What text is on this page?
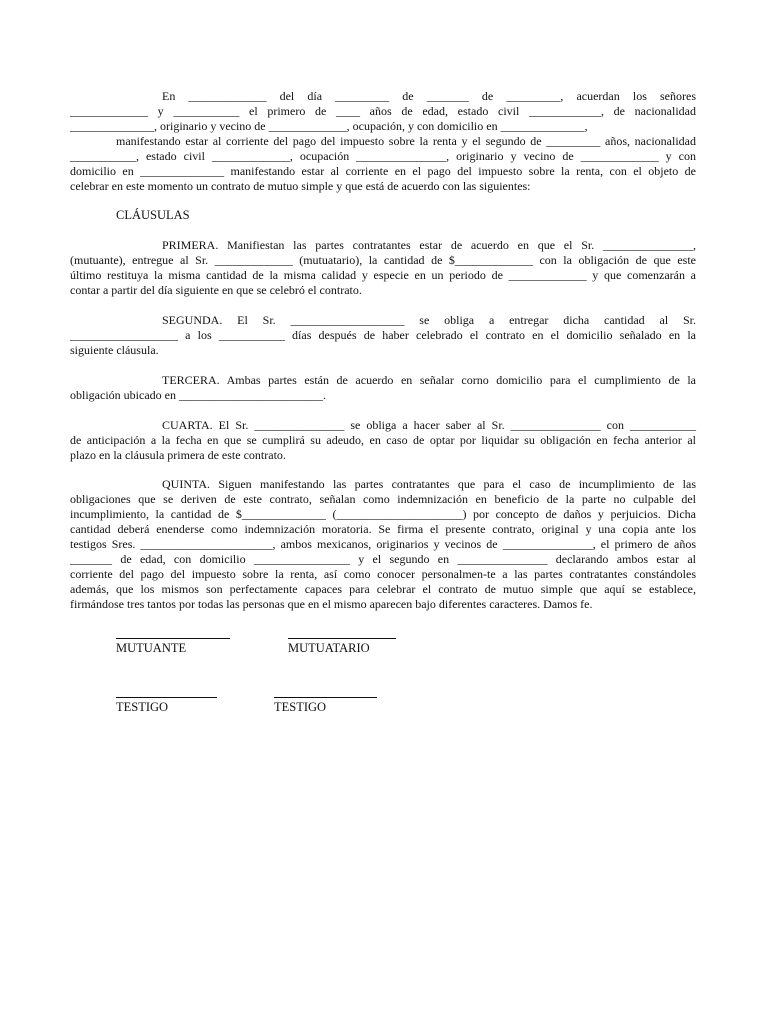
En _____________ del día _________ de _______ de _________, acuerdan los señores
_____________ y ___________ el primero de ____ años de edad, estado civil ____________, de nacionalidad
______________, originario y vecino de _____________, ocupación, y con domicilio en ______________,
manifestando estar al corriente del pago del impuesto sobre la renta y el segundo de _________ años, nacionalidad
___________, estado civil _____________, ocupación _______________, originario y vecino de _____________ y con
domicilio en ______________ manifestando estar al corriente en el pago del impuesto sobre la renta, con el objeto de
celebrar en este momento un contrato de mutuo simple y que está de acuerdo con las siguientes:
CLÁUSULAS
PRIMERA. Manifiestan las partes contratantes estar de acuerdo en que el Sr. _______________,
(mutuante), entregue al Sr. _____________ (mutuatario), la cantidad de $_____________ con la obligación de que este
último restituya la misma cantidad de la misma calidad y especie en un periodo de _____________ y que comenzarán a
contar a partir del día siguiente en que se celebró el contrato.
SEGUNDA. El Sr. ___________________ se obliga a entregar dicha cantidad al Sr.
__________________ a los ___________ días después de haber celebrado el contrato en el domicilio señalado en la
siguiente cláusula.
TERCERA. Ambas partes están de acuerdo en señalar corno domicilio para el cumplimiento de la
obligación ubicado en ________________________.
CUARTA. El Sr. _______________ se obliga a hacer saber al Sr. _______________ con ___________
de anticipación a la fecha en que se cumplirá su adeudo, en caso de optar por liquidar su obligación en fecha anterior al
plazo en la cláusula primera de este contrato.
QUINTA. Siguen manifestando las partes contratantes que para el caso de incumplimiento de las
obligaciones que se deriven de este contrato, señalan como indemnización en beneficio de la parte no culpable del
incumplimiento, la cantidad de $______________ (_____________________) por concepto de daños y perjuicios. Dicha
cantidad deberá enenderse como indemnización moratoria. Se firma el presente contrato, original y una copia ante los
testigos Sres. ______________________, ambos mexicanos, originarios y vecinos de _______________, el primero de años
_______ de edad, con domicilio ________________ y el segundo en _______________ declarando ambos estar al
corriente del pago del impuesto sobre la renta, así como conocer personalmen-te a las partes contratantes constándoles
además, que los mismos son perfectamente capaces para celebrar el contrato de mutuo simple que aquí se establece,
firmándose tres tantos por todas las personas que en el mismo aparecen bajo diferentes caracteres. Damos fe.
MUTUANTE	MUTUATARIO
TESTIGO	TESTIGO
